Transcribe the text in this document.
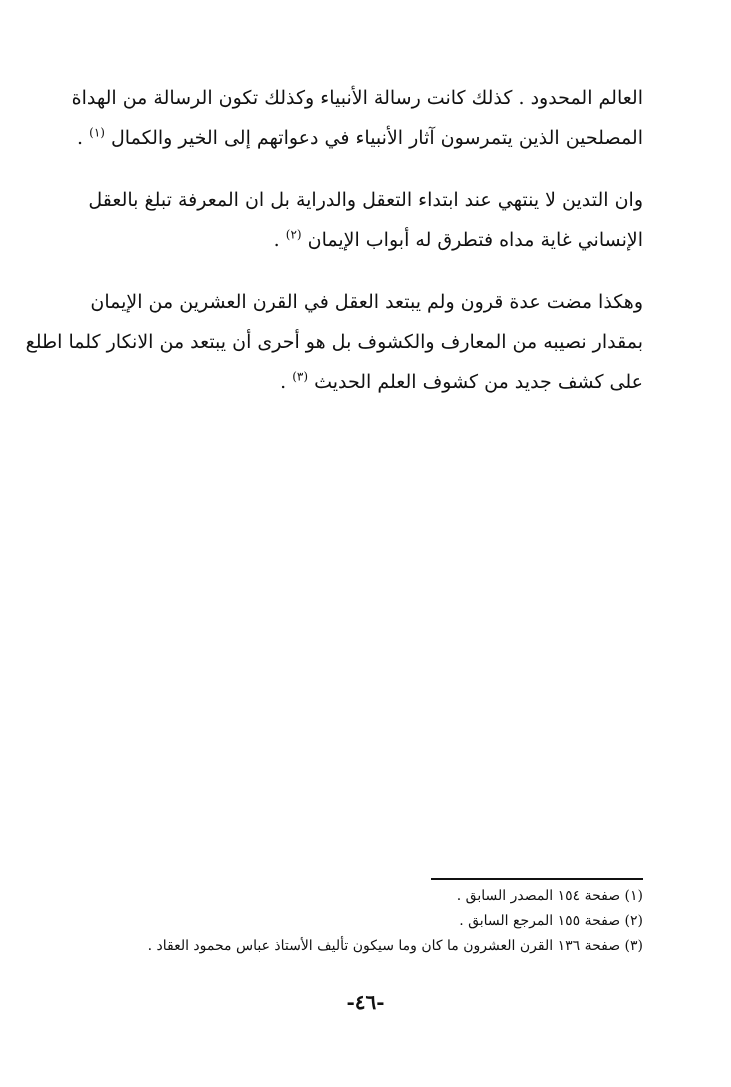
العالم المحدود . كذلك كانت رسالة الأنبياء وكذلك تكون الرسالة من الهداة
المصلحين الذين يتمرسون آثار الأنبياء في دعواتهم إلى الخير والكمال $^{(١)}$ .

وان التدين لا ينتهي عند ابتداء التعقل والدراية بل ان المعرفة تبلغ بالعقل
الإنساني غاية مداه فتطرق له أبواب الإيمان $^{(٢)}$ .

وهكذا مضت عدة قرون ولم يبتعد العقل في القرن العشرين من الإيمان
بمقدار نصيبه من المعارف والكشوف بل هو أحرى أن يبتعد من الانكار كلما اطلع
على كشف جديد من كشوف العلم الحديث $^{(٣)}$ .

(١) صفحة ١٥٤ المصدر السابق .
(٢) صفحة ١٥٥ المرجع السابق .
(٣) صفحة ١٣٦ القرن العشرون ما كان وما سيكون تأليف الأستاذ عباس محمود العقاد .
-٤٦-
